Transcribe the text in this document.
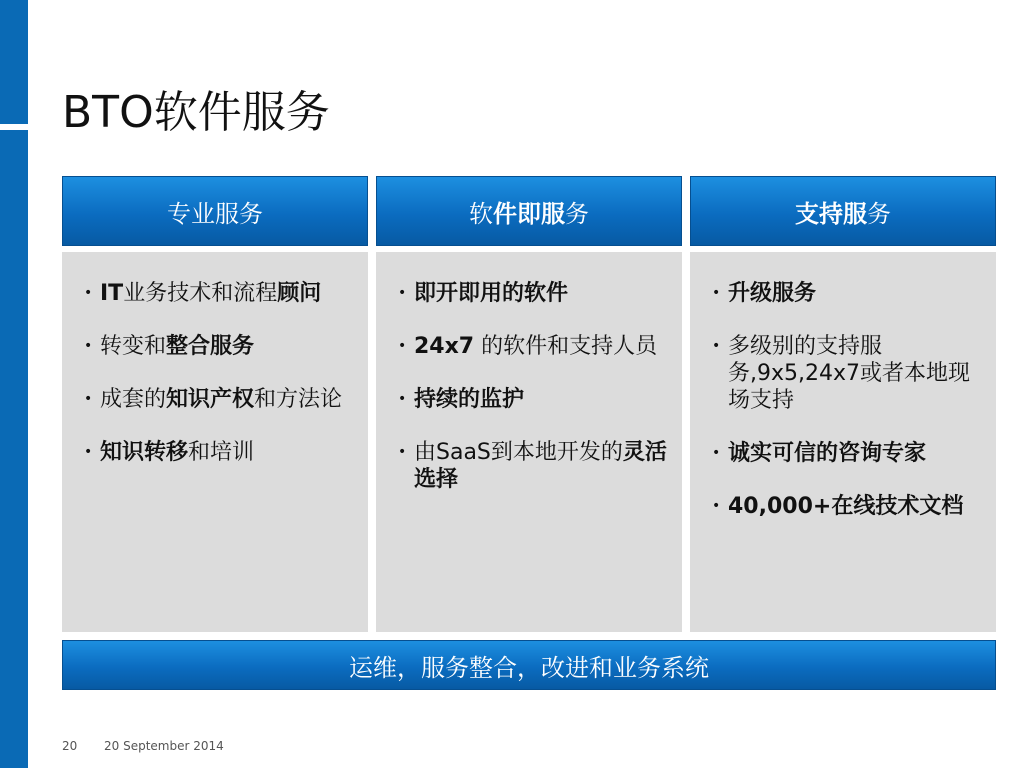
BTO软件服务
专业 服务	软 件即服 务	支持服 务
• IT业务技术和流程顾问
• 转变和整合服务
• 成套的知识产权和方法论
• 知识转移和培训
• 即开即用的软件
• 24x7 的软件和支持人员
• 持续的监护
• 由SaaS到本地开发的灵活选择
• 升级服务
• 多级别的支持服务,9x5,24x7或者本地现场支持
• 诚实可信的咨询专家
• 40,000+在线技术文档
运维，服务整合，改进和业务系统
20 20 September 2014
